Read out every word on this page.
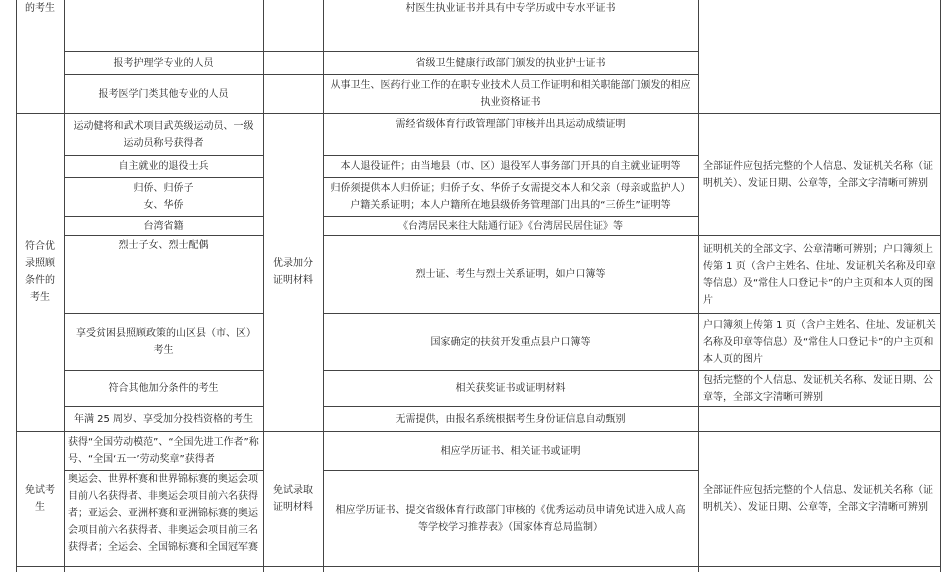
的考生
符合优录照顾条件的考生
免试考生
优录加分证明材料
免试录取证明材料
报考护理学专业的人员
报考医学门类其他专业的人员
运动健将和武术项目武英级运动员、一级运动员称号获得者
自主就业的退役士兵
归侨、归侨子女、华侨
台湾省籍
烈士子女、烈士配偶
享受贫困县照顾政策的山区县（市、区）考生
符合其他加分条件的考生
年满 25 周岁、享受加分投档资格的考生
获得“全国劳动模范”、“全国先进工作者”称号、“全国‘五一’劳动奖章”获得者
奥运会、世界杯赛和世界锦标赛的奥运会项目前八名获得者、非奥运会项目前六名获得者；亚运会、亚洲杯赛和亚洲锦标赛的奥运会项目前六名获得者、非奥运会项目前三名获得者；全运会、全国锦标赛和全国冠军赛
村医生执业证书并具有中专学历或中专水平证书
省级卫生健康行政部门颁发的执业护士证书
从事卫生、医药行业工作的在职专业技术人员工作证明和相关职能部门颁发的相应执业资格证书
需经省级体育行政管理部门审核并出具运动成绩证明
本人退役证件；由当地县（市、区）退役军人事务部门开具的自主就业证明等
归侨须提供本人归侨证；归侨子女、华侨子女需提交本人和父亲（母亲或监护人）户籍关系证明；本人户籍所在地县级侨务管理部门出具的“三侨生”证明等
《台湾居民来往大陆通行证》《台湾居民居住证》等
烈士证、考生与烈士关系证明，如户口簿等
国家确定的扶贫开发重点县户口簿等
相关获奖证书或证明材料
无需提供，由报名系统根据考生身份证信息自动甄别
相应学历证书、相关证书或证明
相应学历证书、提交省级体育行政部门审核的《优秀运动员申请免试进入成人高等学校学习推荐表》（国家体育总局监制）
全部证件应包括完整的个人信息、发证机关名称（证明机关）、发证日期、公章等，全部文字清晰可辨别
证明机关的全部文字、公章清晰可辨别；户口簿须上传第 1 页（含户主姓名、住址、发证机关名称及印章等信息）及“常住人口登记卡”的户主页和本人页的图片
户口簿须上传第 1 页（含户主姓名、住址、发证机关名称及印章等信息）及“常住人口登记卡”的户主页和本人页的图片
包括完整的个人信息、发证机关名称、发证日期、公章等，全部文字清晰可辨别
全部证件应包括完整的个人信息、发证机关名称（证明机关）、发证日期、公章等，全部文字清晰可辨别
